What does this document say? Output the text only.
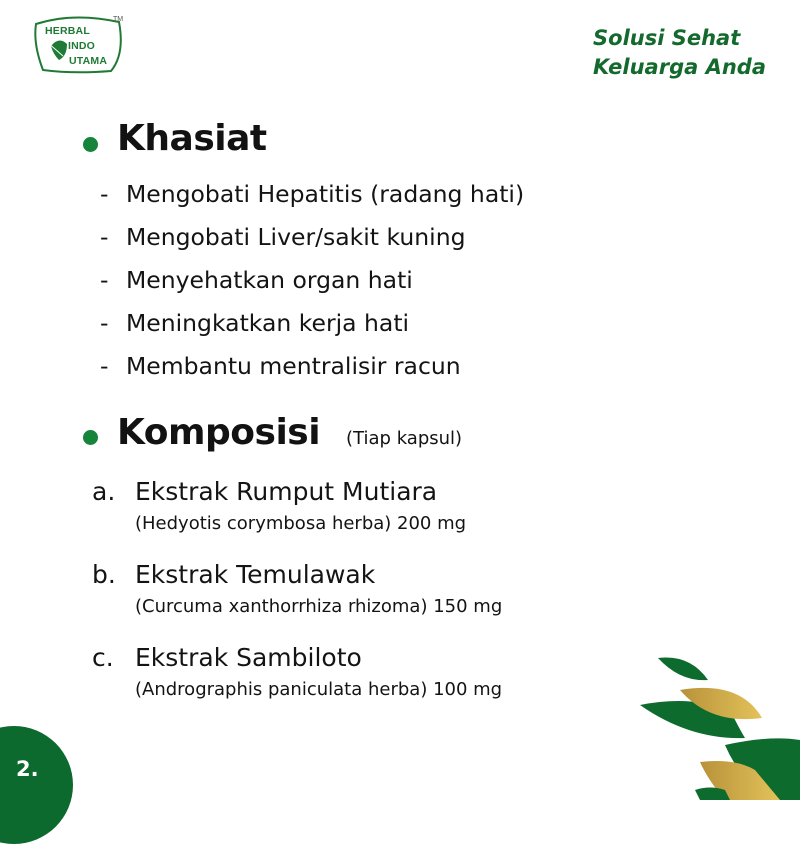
TM
HERBAL
INDO
UTAMA
Solusi Sehat
Keluarga Anda
Khasiat
- Mengobati Hepatitis (radang hati)
- Mengobati Liver/sakit kuning
- Menyehatkan organ hati
- Meningkatkan kerja hati
- Membantu mentralisir racun
Komposisi (Tiap kapsul)
a. Ekstrak Rumput Mutiara
(Hedyotis corymbosa herba) 200 mg
b. Ekstrak Temulawak
(Curcuma xanthorrhiza rhizoma) 150 mg
c. Ekstrak Sambiloto
(Andrographis paniculata herba) 100 mg
2.
